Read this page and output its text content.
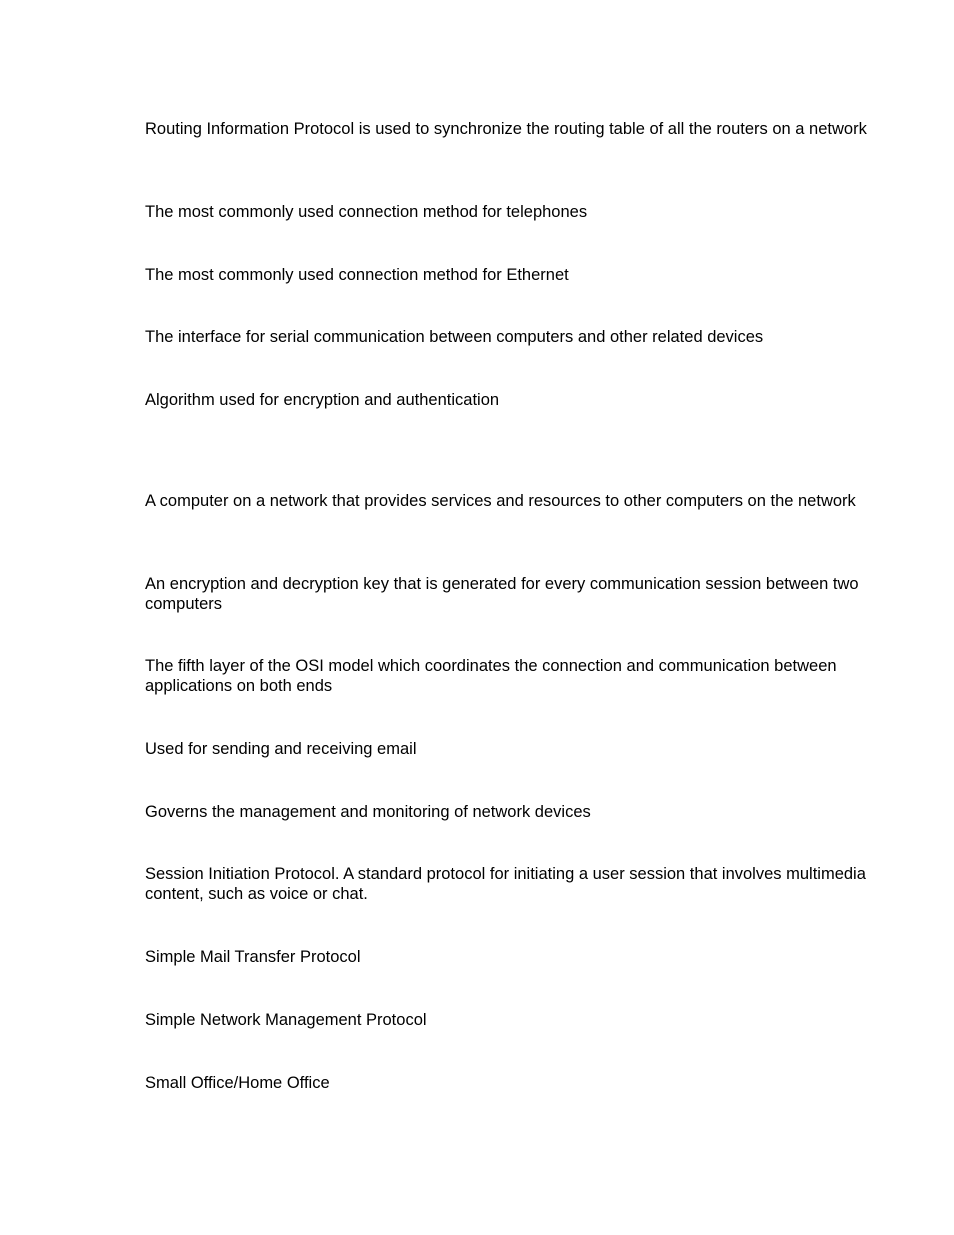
Routing Information Protocol is used to synchronize the routing table of all the routers on a network

The most commonly used connection method for telephones

The most commonly used connection method for Ethernet

The interface for serial communication between computers and other related devices

Algorithm used for encryption and authentication

A computer on a network that provides services and resources to other computers on the network

An encryption and decryption key that is generated for every communication session between two computers

The fifth layer of the OSI model which coordinates the connection and communication between applications on both ends

Used for sending and receiving email

Governs the management and monitoring of network devices

Session Initiation Protocol. A standard protocol for initiating a user session that involves multimedia content, such as voice or chat.

Simple Mail Transfer Protocol

Simple Network Management Protocol

Small Office/Home Office
